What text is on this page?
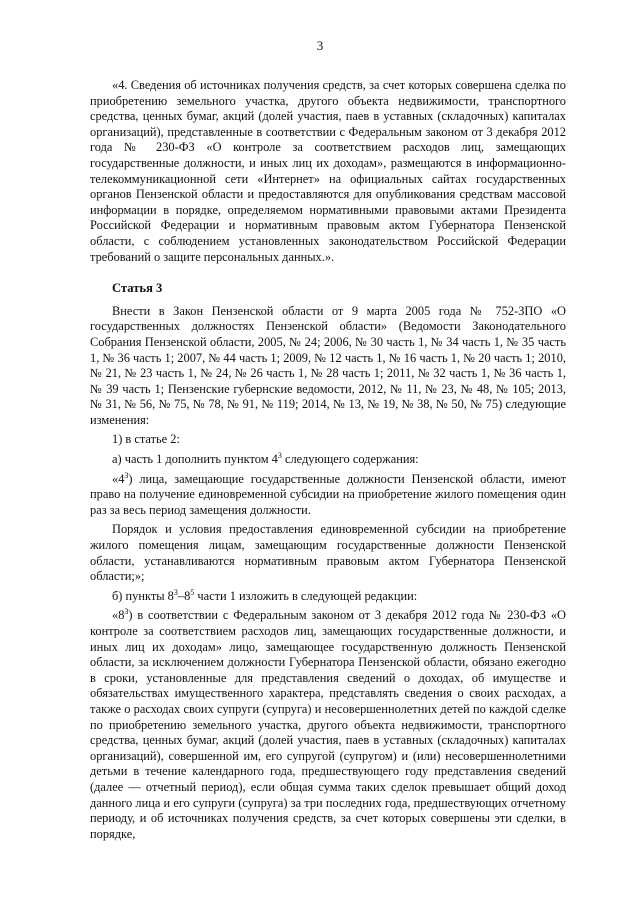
3

«4. Сведения об источниках получения средств, за счет которых совершена сделка по приобретению земельного участка, другого объекта недвижимости, транспортного средства, ценных бумаг, акций (долей участия, паев в уставных (складочных) капиталах организаций), представленные в соответствии с Федеральным законом от 3 декабря 2012 года № 230-ФЗ «О контроле за соответствием расходов лиц, замещающих государственные должности, и иных лиц их доходам», размещаются в информационно-телекоммуникационной сети «Интернет» на официальных сайтах государственных органов Пензенской области и предоставляются для опубликования средствам массовой информации в порядке, определяемом нормативными правовыми актами Президента Российской Федерации и нормативным правовым актом Губернатора Пензенской области, с соблюдением установленных законодательством Российской Федерации требований о защите персональных данных.».

Статья 3

Внести в Закон Пензенской области от 9 марта 2005 года № 752-ЗПО «О государственных должностях Пензенской области» (Ведомости Законодательного Собрания Пензенской области, 2005, № 24; 2006, № 30 часть 1, № 34 часть 1, № 35 часть 1, № 36 часть 1; 2007, № 44 часть 1; 2009, № 12 часть 1, № 16 часть 1, № 20 часть 1; 2010, № 21, № 23 часть 1, № 24, № 26 часть 1, № 28 часть 1; 2011, № 32 часть 1, № 36 часть 1, № 39 часть 1; Пензенские губернские ведомости, 2012, № 11, № 23, № 48, № 105; 2013, № 31, № 56, № 75, № 78, № 91, № 119; 2014, № 13, № 19, № 38, № 50, № 75) следующие изменения:

1) в статье 2:

а) часть 1 дополнить пунктом $4^3$ следующего содержания:

«$4^3$) лица, замещающие государственные должности Пензенской области, имеют право на получение единовременной субсидии на приобретение жилого помещения один раз за весь период замещения должности.

Порядок и условия предоставления единовременной субсидии на приобретение жилого помещения лицам, замещающим государственные должности Пензенской области, устанавливаются нормативным правовым актом Губернатора Пензенской области;»;

б) пункты $8^3-8^5$ части 1 изложить в следующей редакции:

«$8^3$) в соответствии с Федеральным законом от 3 декабря 2012 года № 230-ФЗ «О контроле за соответствием расходов лиц, замещающих государственные должности, и иных лиц их доходам» лицо, замещающее государственную должность Пензенской области, за исключением должности Губернатора Пензенской области, обязано ежегодно в сроки, установленные для представления сведений о доходах, об имуществе и обязательствах имущественного характера, представлять сведения о своих расходах, а также о расходах своих супруги (супруга) и несовершеннолетних детей по каждой сделке по приобретению земельного участка, другого объекта недвижимости, транспортного средства, ценных бумаг, акций (долей участия, паев в уставных (складочных) капиталах организаций), совершенной им, его супругой (супругом) и (или) несовершеннолетними детьми в течение календарного года, предшествующего году представления сведений (далее — отчетный период), если общая сумма таких сделок превышает общий доход данного лица и его супруги (супруга) за три последних года, предшествующих отчетному периоду, и об источниках получения средств, за счет которых совершены эти сделки, в порядке,
